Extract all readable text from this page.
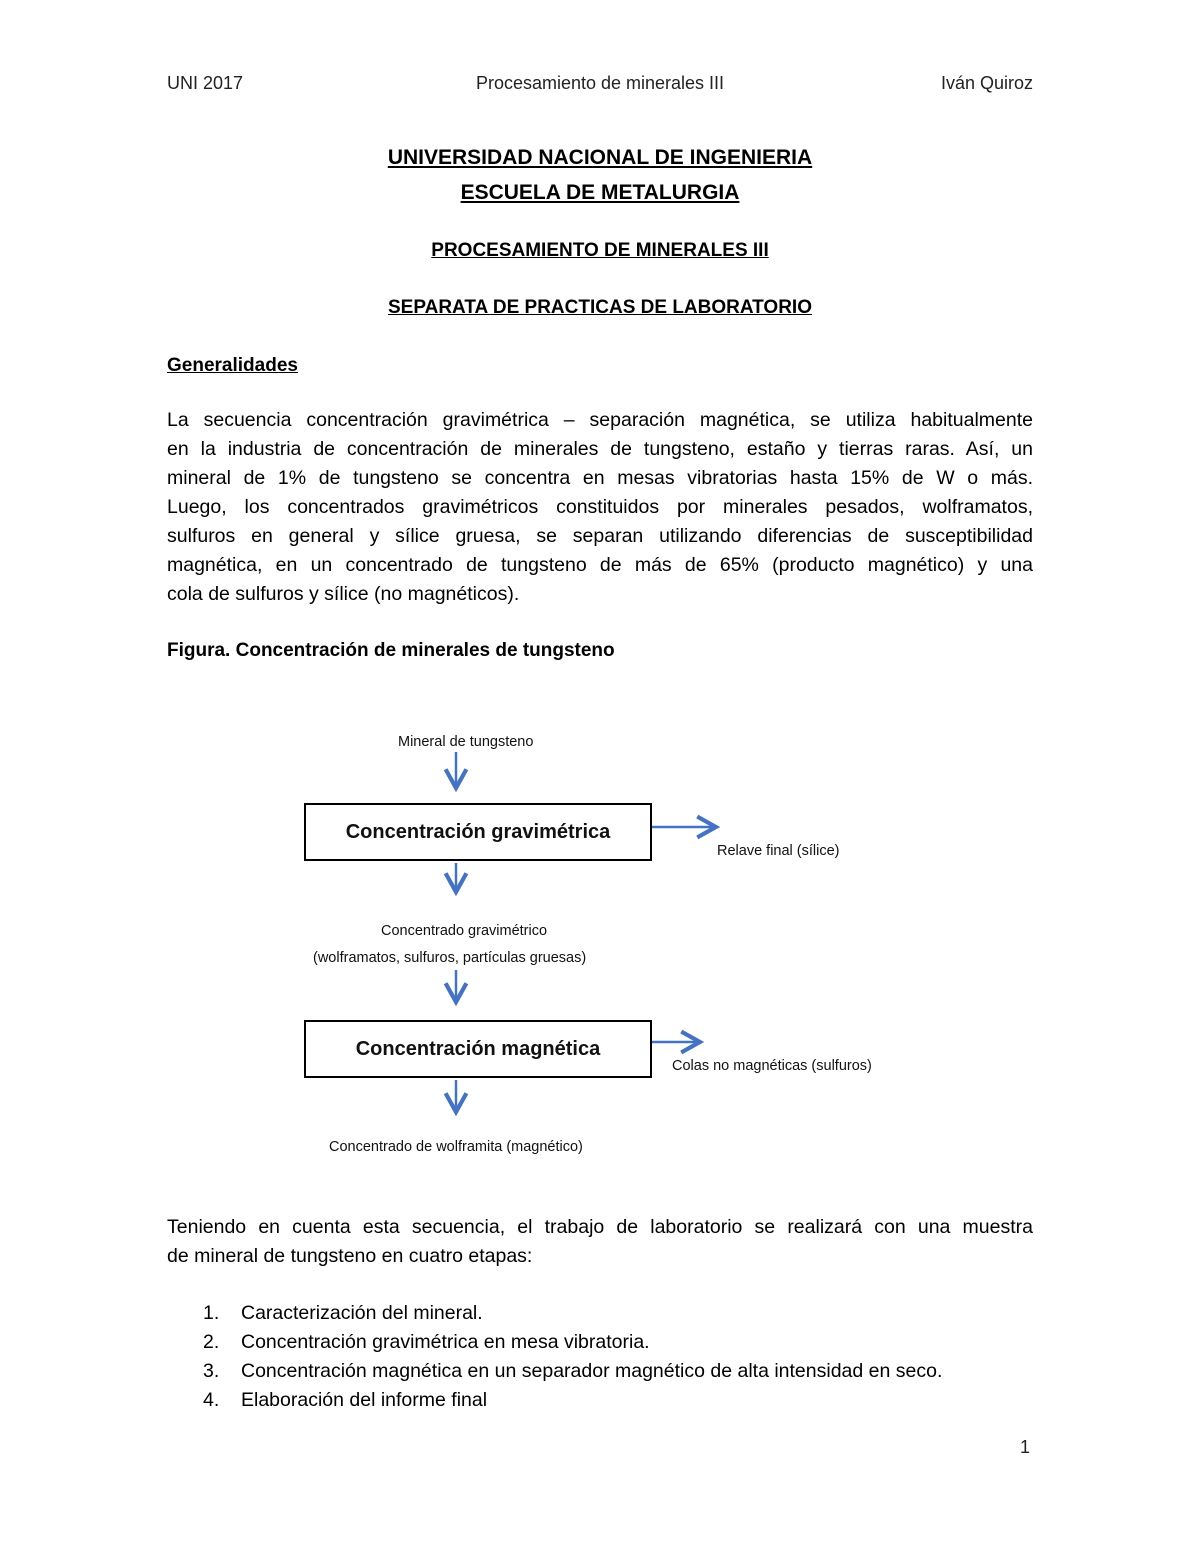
UNI 2017	Procesamiento de minerales III	Iván Quiroz
UNIVERSIDAD NACIONAL DE INGENIERIA
ESCUELA DE METALURGIA
PROCESAMIENTO DE MINERALES III
SEPARATA DE PRACTICAS DE LABORATORIO
Generalidades
La secuencia concentración gravimétrica – separación magnética, se utiliza habitualmente
en la industria de concentración de minerales de tungsteno, estaño y tierras raras. Así, un
mineral de 1% de tungsteno se concentra en mesas vibratorias hasta 15% de W o más.
Luego, los concentrados gravimétricos constituidos por minerales pesados, wolframatos,
sulfuros en general y sílice gruesa, se separan utilizando diferencias de susceptibilidad
magnética, en un concentrado de tungsteno de más de 65% (producto magnético) y una
cola de sulfuros y sílice (no magnéticos).
Figura. Concentración de minerales de tungsteno
Mineral de tungsteno
Concentración gravimétrica
Relave final (sílice)
Concentrado gravimétrico
(wolframatos, sulfuros, partículas gruesas)
Concentración magnética
Colas no magnéticas (sulfuros)
Concentrado de wolframita (magnético)
Teniendo en cuenta esta secuencia, el trabajo de laboratorio se realizará con una muestra
de mineral de tungsteno en cuatro etapas:
1.	Caracterización del mineral.
2.	Concentración gravimétrica en mesa vibratoria.
3.	Concentración magnética en un separador magnético de alta intensidad en seco.
4.	Elaboración del informe final
1
